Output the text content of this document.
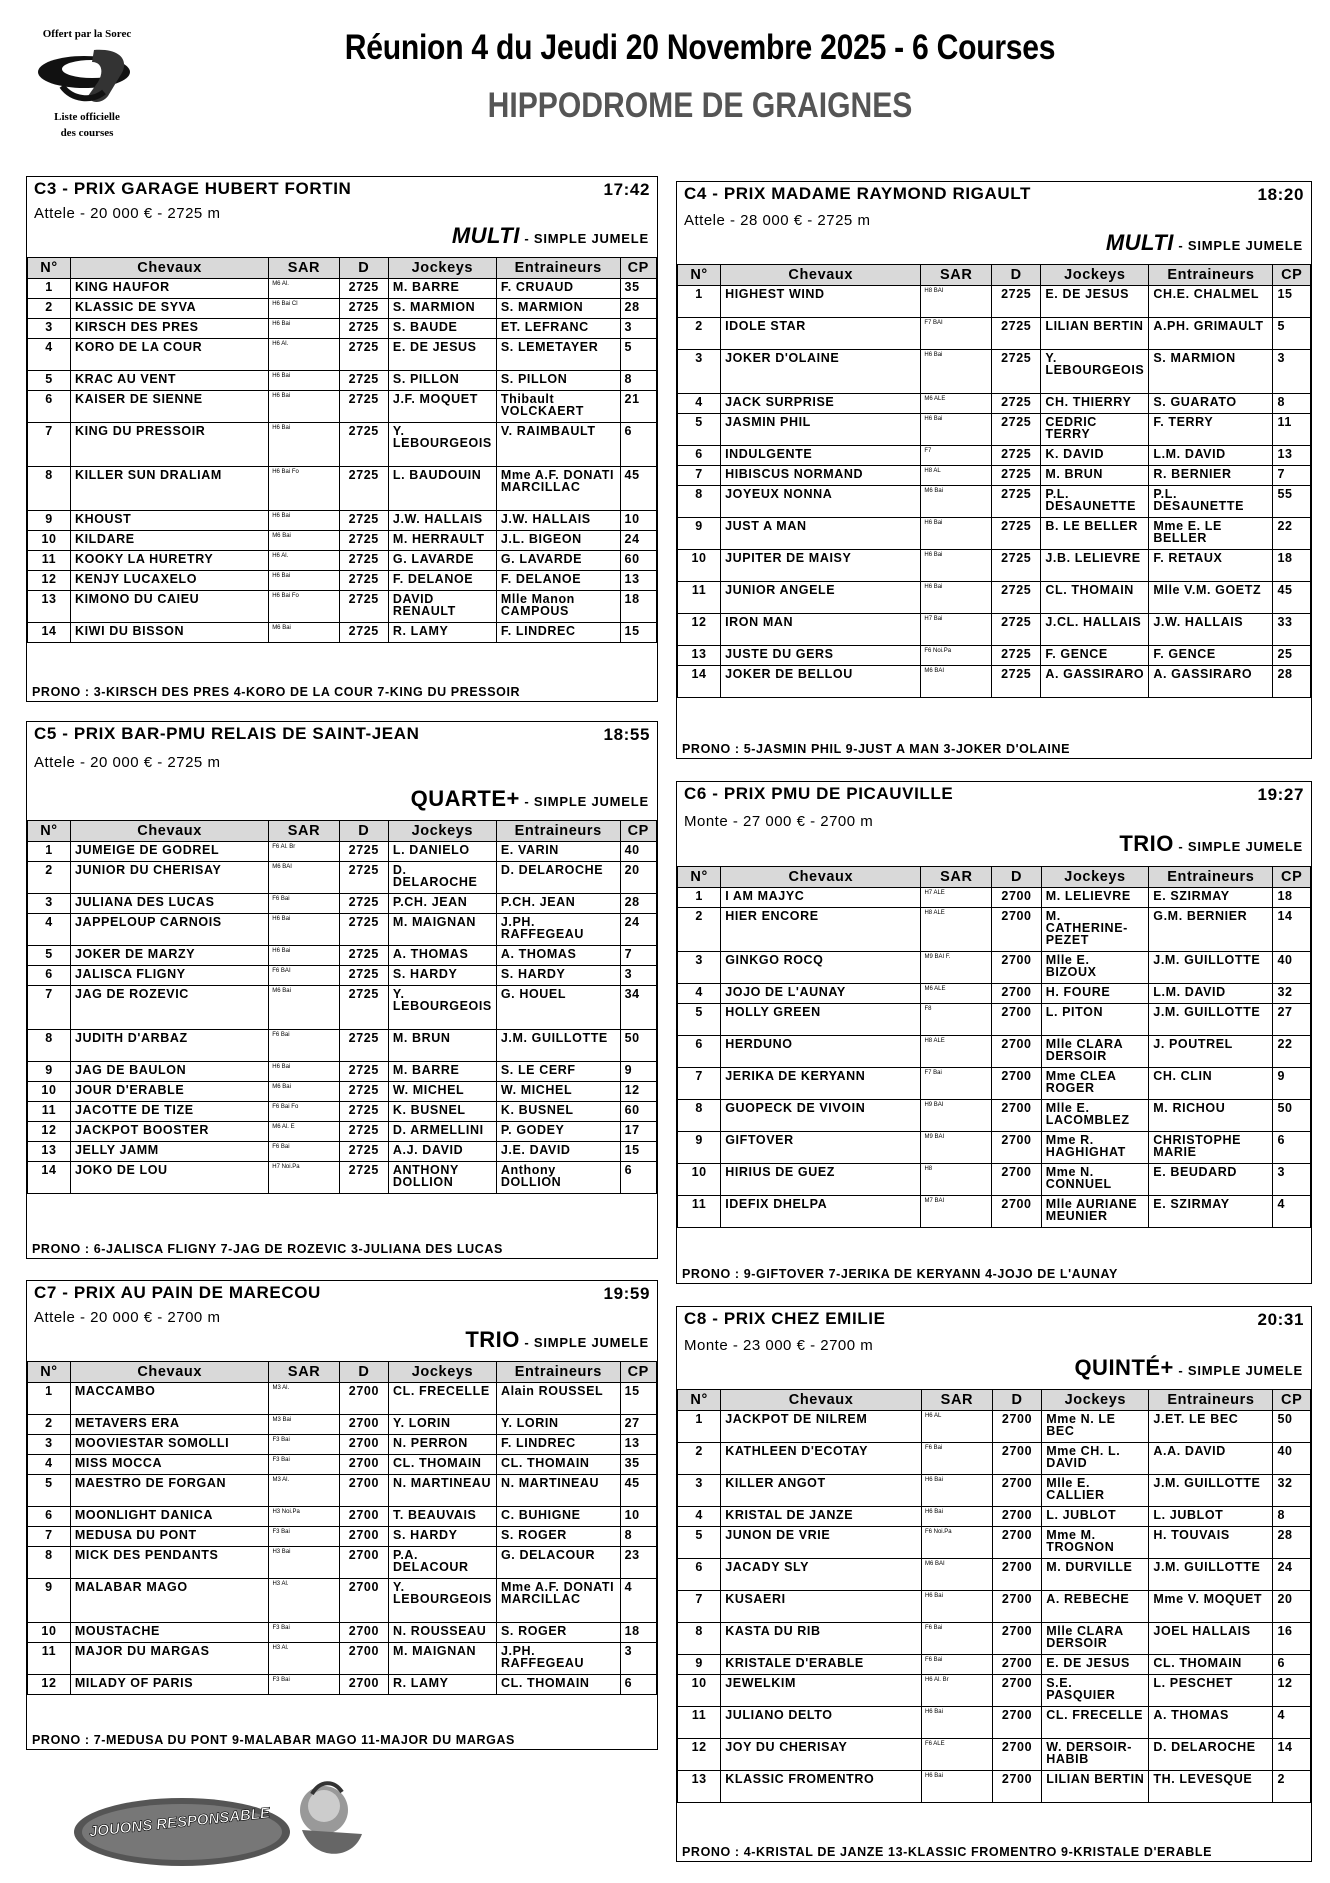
Offert par la Sorec
Liste officielle
des courses
Réunion 4 du Jeudi 20 Novembre 2025 - 6 Courses
HIPPODROME DE GRAIGNES
C3 - PRIX GARAGE HUBERT FORTIN	17:42
Attele - 20 000 € - 2725 m
MULTI - SIMPLE JUMELE
N°	Chevaux	SAR	D	Jockeys	Entraineurs	CP
1	KING HAUFOR	M6 Al.	2725	M. BARRE	F. CRUAUD	35
2	KLASSIC DE SYVA	H6 Bai Cl	2725	S. MARMION	S. MARMION	28
3	KIRSCH DES PRES	H6 Bai	2725	S. BAUDE	ET. LEFRANC	3
4	KORO DE LA COUR	H6 Al.	2725	E. DE JESUS	S. LEMETAYER	5
5	KRAC AU VENT	H6 Bai	2725	S. PILLON	S. PILLON	8
6	KAISER DE SIENNE	H6 Bai	2725	J.F. MOQUET	Thibault VOLCKAERT	21
7	KING DU PRESSOIR	H6 Bai	2725	Y. LEBOURGEOIS	V. RAIMBAULT	6
8	KILLER SUN DRALIAM	H6 Bai Fo	2725	L. BAUDOUIN	Mme A.F. DONATI MARCILLAC	45
9	KHOUST	H6 Bai	2725	J.W. HALLAIS	J.W. HALLAIS	10
10	KILDARE	M6 Bai	2725	M. HERRAULT	J.L. BIGEON	24
11	KOOKY LA HURETRY	H6 Al.	2725	G. LAVARDE	G. LAVARDE	60
12	KENJY LUCAXELO	H6 Bai	2725	F. DELANOE	F. DELANOE	13
13	KIMONO DU CAIEU	H6 Bai Fo	2725	DAVID RENAULT	Mlle Manon CAMPOUS	18
14	KIWI DU BISSON	M6 Bai	2725	R. LAMY	F. LINDREC	15
PRONO : 3-KIRSCH DES PRES 4-KORO DE LA COUR 7-KING DU PRESSOIR
C4 - PRIX MADAME RAYMOND RIGAULT	18:20
Attele - 28 000 € - 2725 m
MULTI - SIMPLE JUMELE
N°	Chevaux	SAR	D	Jockeys	Entraineurs	CP
1	HIGHEST WIND	H8 BAI	2725	E. DE JESUS	CH.E. CHALMEL	15
2	IDOLE STAR	F7 BAI	2725	LILIAN BERTIN	A.PH. GRIMAULT	5
3	JOKER D'OLAINE	H6 Bai	2725	Y. LEBOURGEOIS	S. MARMION	3
4	JACK SURPRISE	M6 ALE	2725	CH. THIERRY	S. GUARATO	8
5	JASMIN PHIL	H6 Bai	2725	CEDRIC TERRY	F. TERRY	11
6	INDULGENTE	F7	2725	K. DAVID	L.M. DAVID	13
7	HIBISCUS NORMAND	H8 AL	2725	M. BRUN	R. BERNIER	7
8	JOYEUX NONNA	M6 Bai	2725	P.L. DESAUNETTE	P.L. DESAUNETTE	55
9	JUST A MAN	H6 Bai	2725	B. LE BELLER	Mme E. LE BELLER	22
10	JUPITER DE MAISY	H6 Bai	2725	J.B. LELIEVRE	F. RETAUX	18
11	JUNIOR ANGELE	H6 Bai	2725	CL. THOMAIN	Mlle V.M. GOETZ	45
12	IRON MAN	H7 Bai	2725	J.CL. HALLAIS	J.W. HALLAIS	33
13	JUSTE DU GERS	F6 Noi.Pa	2725	F. GENCE	F. GENCE	25
14	JOKER DE BELLOU	M6 BAI	2725	A. GASSIRARO	A. GASSIRARO	28
PRONO : 5-JASMIN PHIL 9-JUST A MAN 3-JOKER D'OLAINE
C5 - PRIX BAR-PMU RELAIS DE SAINT-JEAN	18:55
Attele - 20 000 € - 2725 m
QUARTE+ - SIMPLE JUMELE
N°	Chevaux	SAR	D	Jockeys	Entraineurs	CP
1	JUMEIGE DE GODREL	F6 Al. Br	2725	L. DANIELO	E. VARIN	40
2	JUNIOR DU CHERISAY	M6 BAI	2725	D. DELAROCHE	D. DELAROCHE	20
3	JULIANA DES LUCAS	F6 Bai	2725	P.CH. JEAN	P.CH. JEAN	28
4	JAPPELOUP CARNOIS	H6 Bai	2725	M. MAIGNAN	J.PH. RAFFEGEAU	24
5	JOKER DE MARZY	H6 Bai	2725	A. THOMAS	A. THOMAS	7
6	JALISCA FLIGNY	F6 BAI	2725	S. HARDY	S. HARDY	3
7	JAG DE ROZEVIC	M6 Bai	2725	Y. LEBOURGEOIS	G. HOUEL	34
8	JUDITH D'ARBAZ	F6 Bai	2725	M. BRUN	J.M. GUILLOTTE	50
9	JAG DE BAULON	H6 Bai	2725	M. BARRE	S. LE CERF	9
10	JOUR D'ERABLE	M6 Bai	2725	W. MICHEL	W. MICHEL	12
11	JACOTTE DE TIZE	F6 Bai Fo	2725	K. BUSNEL	K. BUSNEL	60
12	JACKPOT BOOSTER	M6 Al. E	2725	D. ARMELLINI	P. GODEY	17
13	JELLY JAMM	F6 Bai	2725	A.J. DAVID	J.E. DAVID	15
14	JOKO DE LOU	H7 Noi.Pa	2725	ANTHONY DOLLION	Anthony DOLLION	6
PRONO : 6-JALISCA FLIGNY 7-JAG DE ROZEVIC 3-JULIANA DES LUCAS
C6 - PRIX PMU DE PICAUVILLE	19:27
Monte - 27 000 € - 2700 m
TRIO - SIMPLE JUMELE
N°	Chevaux	SAR	D	Jockeys	Entraineurs	CP
1	I AM MAJYC	H7 ALE	2700	M. LELIEVRE	E. SZIRMAY	18
2	HIER ENCORE	H8 ALE	2700	M. CATHERINE-PEZET	G.M. BERNIER	14
3	GINKGO ROCQ	M9 BAI F.	2700	Mlle E. BIZOUX	J.M. GUILLOTTE	40
4	JOJO DE L'AUNAY	M6 ALE	2700	H. FOURE	L.M. DAVID	32
5	HOLLY GREEN	F8	2700	L. PITON	J.M. GUILLOTTE	27
6	HERDUNO	H8 ALE	2700	Mlle CLARA DERSOIR	J. POUTREL	22
7	JERIKA DE KERYANN	F7 Bai	2700	Mme CLEA ROGER	CH. CLIN	9
8	GUOPECK DE VIVOIN	H9 BAI	2700	Mlle E. LACOMBLEZ	M. RICHOU	50
9	GIFTOVER	M9 BAI	2700	Mme R. HAGHIGHAT	CHRISTOPHE MARIE	6
10	HIRIUS DE GUEZ	H8	2700	Mme N. CONNUEL	E. BEUDARD	3
11	IDEFIX DHELPA	M7 BAI	2700	Mlle AURIANE MEUNIER	E. SZIRMAY	4
PRONO : 9-GIFTOVER 7-JERIKA DE KERYANN 4-JOJO DE L'AUNAY
C7 - PRIX AU PAIN DE MARECOU	19:59
Attele - 20 000 € - 2700 m
TRIO - SIMPLE JUMELE
N°	Chevaux	SAR	D	Jockeys	Entraineurs	CP
1	MACCAMBO	M3 Al.	2700	CL. FRECELLE	Alain ROUSSEL	15
2	METAVERS ERA	M3 Bai	2700	Y. LORIN	Y. LORIN	27
3	MOOVIESTAR SOMOLLI	F3 Bai	2700	N. PERRON	F. LINDREC	13
4	MISS MOCCA	F3 Bai	2700	CL. THOMAIN	CL. THOMAIN	35
5	MAESTRO DE FORGAN	M3 Al.	2700	N. MARTINEAU	N. MARTINEAU	45
6	MOONLIGHT DANICA	H3 Noi.Pa	2700	T. BEAUVAIS	C. BUHIGNE	10
7	MEDUSA DU PONT	F3 Bai	2700	S. HARDY	S. ROGER	8
8	MICK DES PENDANTS	H3 Bai	2700	P.A. DELACOUR	G. DELACOUR	23
9	MALABAR MAGO	H3 Al.	2700	Y. LEBOURGEOIS	Mme A.F. DONATI MARCILLAC	4
10	MOUSTACHE	F3 Bai	2700	N. ROUSSEAU	S. ROGER	18
11	MAJOR DU MARGAS	H3 Al.	2700	M. MAIGNAN	J.PH. RAFFEGEAU	3
12	MILADY OF PARIS	F3 Bai	2700	R. LAMY	CL. THOMAIN	6
PRONO : 7-MEDUSA DU PONT 9-MALABAR MAGO 11-MAJOR DU MARGAS
C8 - PRIX CHEZ EMILIE	20:31
Monte - 23 000 € - 2700 m
QUINTÉ+ - SIMPLE JUMELE
N°	Chevaux	SAR	D	Jockeys	Entraineurs	CP
1	JACKPOT DE NILREM	H6 AL	2700	Mme N. LE BEC	J.ET. LE BEC	50
2	KATHLEEN D'ECOTAY	F6 Bai	2700	Mme CH. L. DAVID	A.A. DAVID	40
3	KILLER ANGOT	H6 Bai	2700	Mlle E. CALLIER	J.M. GUILLOTTE	32
4	KRISTAL DE JANZE	H6 Bai	2700	L. JUBLOT	L. JUBLOT	8
5	JUNON DE VRIE	F6 Noi.Pa	2700	Mme M. TROGNON	H. TOUVAIS	28
6	JACADY SLY	M6 BAI	2700	M. DURVILLE	J.M. GUILLOTTE	24
7	KUSAERI	H6 Bai	2700	A. REBECHE	Mme V. MOQUET	20
8	KASTA DU RIB	F6 Bai	2700	Mlle CLARA DERSOIR	JOEL HALLAIS	16
9	KRISTALE D'ERABLE	F6 Bai	2700	E. DE JESUS	CL. THOMAIN	6
10	JEWELKIM	H6 Al. Br	2700	S.E. PASQUIER	L. PESCHET	12
11	JULIANO DELTO	H6 Bai	2700	CL. FRECELLE	A. THOMAS	4
12	JOY DU CHERISAY	F6 ALE	2700	W. DERSOIR-HABIB	D. DELAROCHE	14
13	KLASSIC FROMENTRO	H6 Bai	2700	LILIAN BERTIN	TH. LEVESQUE	2
PRONO : 4-KRISTAL DE JANZE 13-KLASSIC FROMENTRO 9-KRISTALE D'ERABLE
JOUONS RESPONSABLE
